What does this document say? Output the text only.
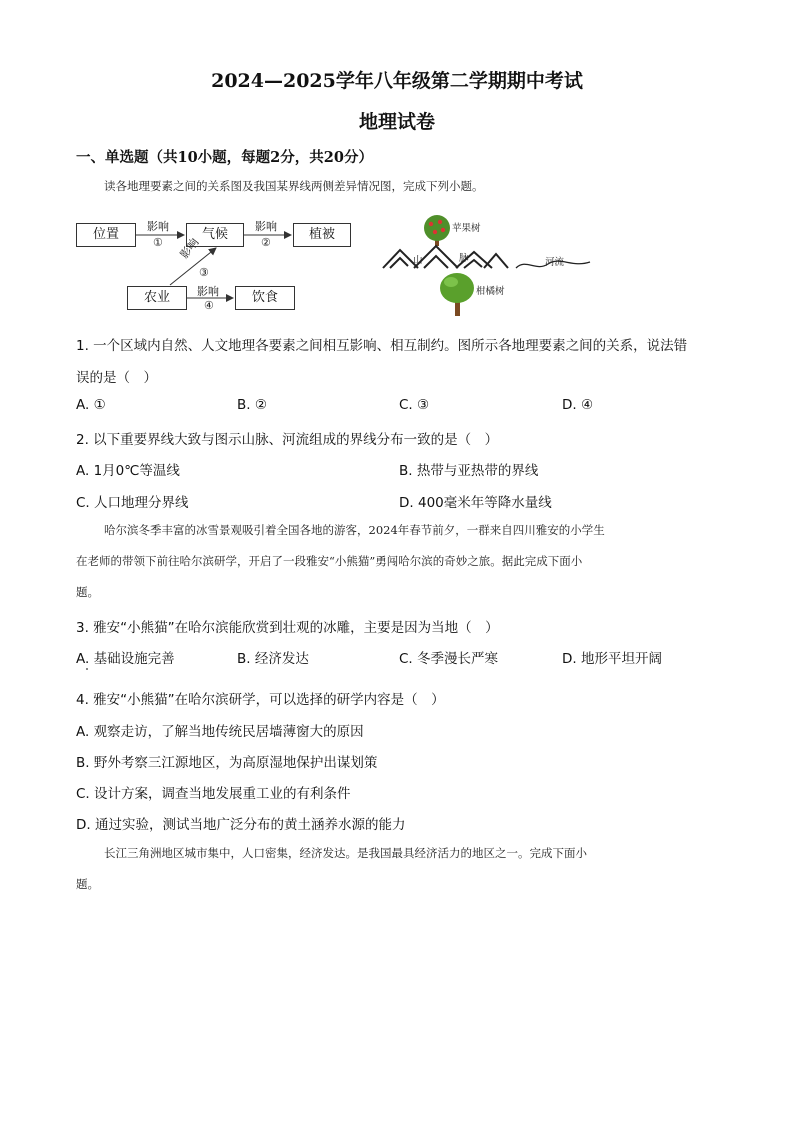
2024—2025学年八年级第二学期期中考试
地理试卷
一、单选题（共10小题，每题2分，共20分）
读各地理要素之间的关系图及我国某界线两侧差异情况图，完成下列小题。
位置	气候	植被
农业	饮食
影响
①
影响
②
影响
③
影响
④
苹果树
柑橘树
山	脉	河流
1. 一个区域内自然、人文地理各要素之间相互影响、相互制约。图所示各地理要素之间的关系，说法错
误的是（　）
A. ①	B. ②	C. ③	D. ④
2. 以下重要界线大致与图示山脉、河流组成的界线分布一致的是（　）
A. 1月0℃等温线	B. 热带与亚热带的界线
C. 人口地理分界线	D. 400毫米年等降水量线
哈尔滨冬季丰富的冰雪景观吸引着全国各地的游客，2024年春节前夕，一群来自四川雅安的小学生
在老师的带领下前往哈尔滨研学，开启了一段雅安“小熊猫”勇闯哈尔滨的奇妙之旅。据此完成下面小
题。
3. 雅安“小熊猫”在哈尔滨能欣赏到壮观的冰雕，主要是因为当地（　）
A. 基础设施完善	B. 经济发达	C. 冬季漫长严寒	D. 地形平坦开阔
4. 雅安“小熊猫”在哈尔滨研学，可以选择的研学内容是（　）
A. 观察走访，了解当地传统民居墙薄窗大的原因
B. 野外考察三江源地区，为高原湿地保护出谋划策
C. 设计方案，调查当地发展重工业的有利条件
D. 通过实验，测试当地广泛分布的黄土涵养水源的能力
长江三角洲地区城市集中，人口密集，经济发达。是我国最具经济活力的地区之一。完成下面小
题。
